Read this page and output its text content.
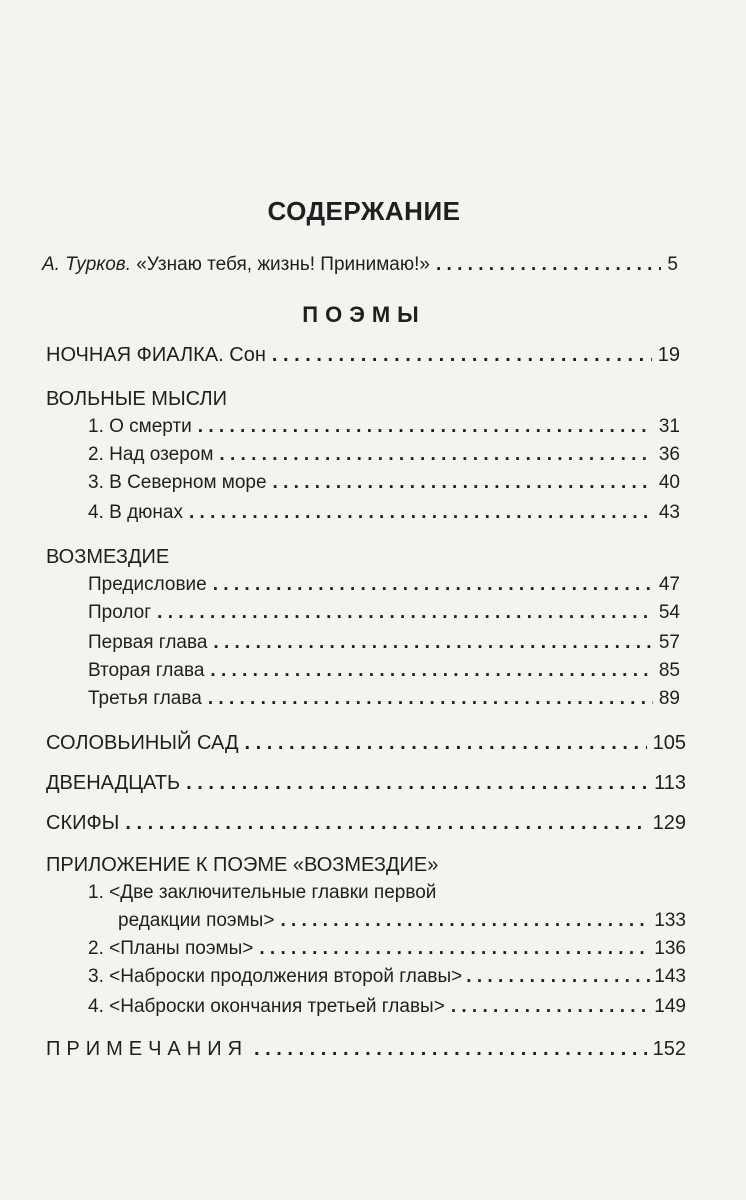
СОДЕРЖАНИЕ
А. Турков. «Узнаю тебя, жизнь! Принимаю!» . . .	5
ПОЭМЫ
НОЧНАЯ ФИАЛКА. Сон . . .	19
ВОЛЬНЫЕ МЫСЛИ
1. О смерти . . .	31
2. Над озером . . .	36
3. В Северном море . . .	40
4. В дюнах . . .	43
ВОЗМЕЗДИЕ
Предисловие . . .	47
Пролог . . .	54
Первая глава . . .	57
Вторая глава . . .	85
Третья глава . . .	89
СОЛОВЬИНЫЙ САД . . .	105
ДВЕНАДЦАТЬ . . .	113
СКИФЫ . . .	129
ПРИЛОЖЕНИЕ К ПОЭМЕ «ВОЗМЕЗДИЕ»
1. <Две заключительные главки первой
редакции поэмы> . . .	133
2. <Планы поэмы> . . .	136
3. <Наброски продолжения второй главы> . . .	143
4. <Наброски окончания третьей главы> . . .	149
ПРИМЕЧАНИЯ . . .	152
